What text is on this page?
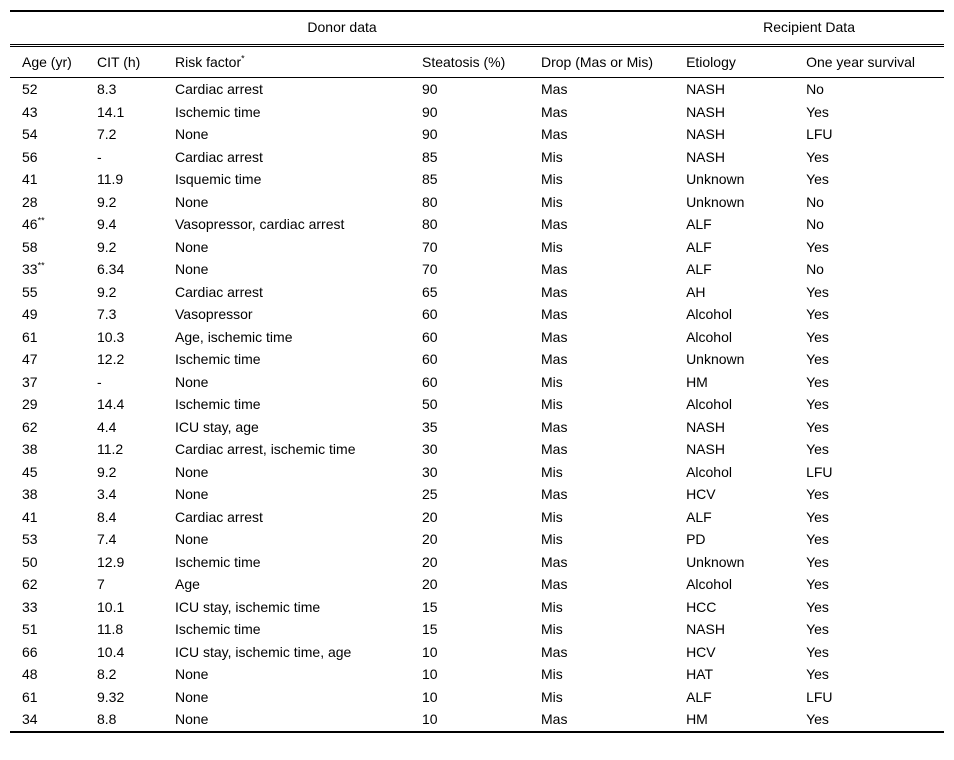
Donor data					Recipient Data	
Age (yr)	CIT (h)	Risk factor*	Steatosis (%)	Drop (Mas or Mis)	Etiology	One year survival
52	8.3	Cardiac arrest	90	Mas	NASH	No
43	14.1	Ischemic time	90	Mas	NASH	Yes
54	7.2	None	90	Mas	NASH	LFU
56	-	Cardiac arrest	85	Mis	NASH	Yes
41	11.9	Isquemic time	85	Mis	Unknown	Yes
28	9.2	None	80	Mis	Unknown	No
46**	9.4	Vasopressor, cardiac arrest	80	Mas	ALF	No
58	9.2	None	70	Mis	ALF	Yes
33**	6.34	None	70	Mas	ALF	No
55	9.2	Cardiac arrest	65	Mas	AH	Yes
49	7.3	Vasopressor	60	Mas	Alcohol	Yes
61	10.3	Age, ischemic time	60	Mas	Alcohol	Yes
47	12.2	Ischemic time	60	Mas	Unknown	Yes
37	-	None	60	Mis	HM	Yes
29	14.4	Ischemic time	50	Mis	Alcohol	Yes
62	4.4	ICU stay, age	35	Mas	NASH	Yes
38	11.2	Cardiac arrest, ischemic time	30	Mas	NASH	Yes
45	9.2	None	30	Mis	Alcohol	LFU
38	3.4	None	25	Mas	HCV	Yes
41	8.4	Cardiac arrest	20	Mis	ALF	Yes
53	7.4	None	20	Mis	PD	Yes
50	12.9	Ischemic time	20	Mas	Unknown	Yes
62	7	Age	20	Mas	Alcohol	Yes
33	10.1	ICU stay, ischemic time	15	Mis	HCC	Yes
51	11.8	Ischemic time	15	Mis	NASH	Yes
66	10.4	ICU stay, ischemic time, age	10	Mas	HCV	Yes
48	8.2	None	10	Mis	HAT	Yes
61	9.32	None	10	Mis	ALF	LFU
34	8.8	None	10	Mas	HM	Yes
